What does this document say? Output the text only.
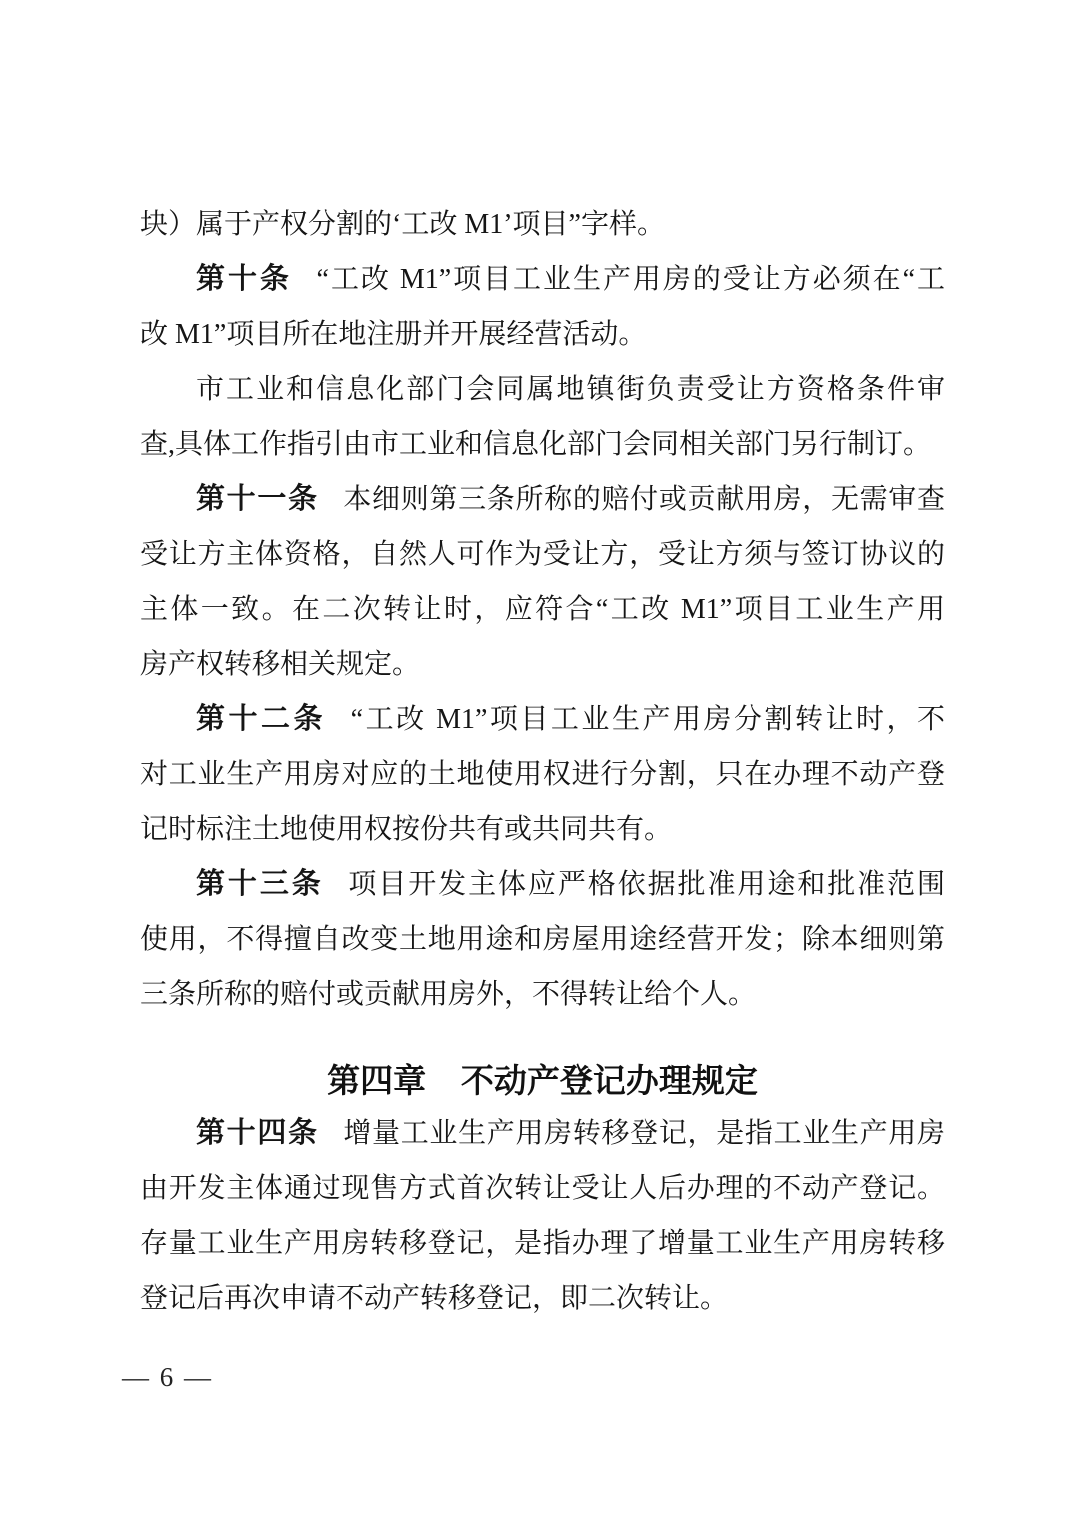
块）属于产权分割的‘工改 M1’项目”字样。
第十条 “工改 M1”项目工业生产用房的受让方必须在“工
改 M1”项目所在地注册并开展经营活动。
市工业和信息化部门会同属地镇街负责受让方资格条件审
查,具体工作指引由市工业和信息化部门会同相关部门另行制订。
第十一条 本细则第三条所称的赔付或贡献用房，无需审查
受让方主体资格，自然人可作为受让方，受让方须与签订协议的
主体一致。在二次转让时，应符合“工改 M1”项目工业生产用
房产权转移相关规定。
第十二条 “工改 M1”项目工业生产用房分割转让时，不
对工业生产用房对应的土地使用权进行分割，只在办理不动产登
记时标注土地使用权按份共有或共同共有。
第十三条 项目开发主体应严格依据批准用途和批准范围
使用，不得擅自改变土地用途和房屋用途经营开发；除本细则第
三条所称的赔付或贡献用房外，不得转让给个人。
第四章 不动产登记办理规定
第十四条 增量工业生产用房转移登记，是指工业生产用房
由开发主体通过现售方式首次转让受让人后办理的不动产登记。
存量工业生产用房转移登记，是指办理了增量工业生产用房转移
登记后再次申请不动产转移登记，即二次转让。
— 6 —
